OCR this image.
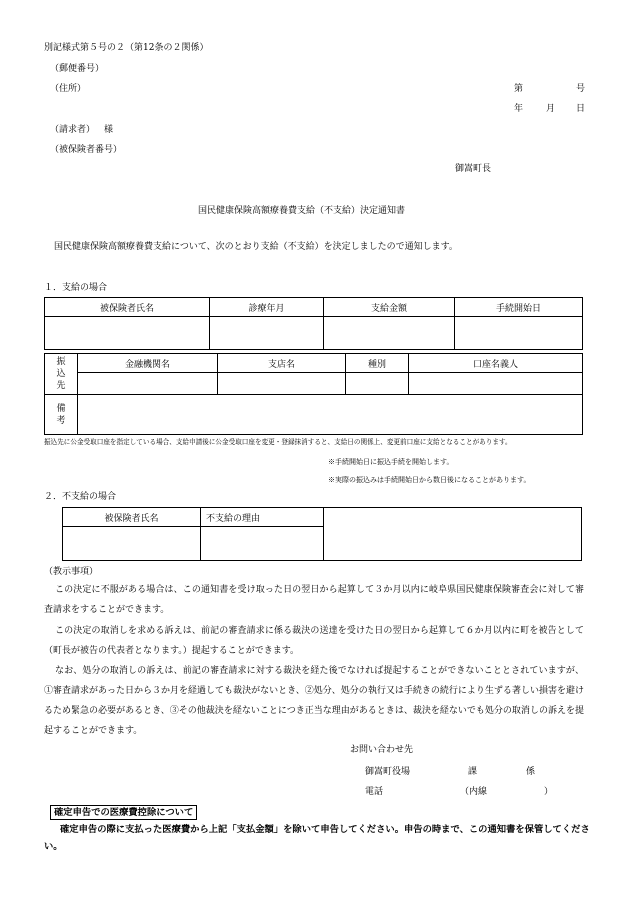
別記様式第５号の２（第12条の２関係）
（郵便番号）
（住所）	第	号
年	月 日
（請求者） 様
（被保険者番号）
御嵩町長
国民健康保険高額療養費支給（不支給）決定通知書
国民健康保険高額療養費支給について、次のとおり支給（不支給）を決定しましたので通知します。
１．支給の場合
被保険者氏名	診療年月	支給金額	手続開始日

振
込
先	金融機関名	支店名	種別	口座名義人

備
考				

振込先に公金受取口座を指定している場合、支給申請後に公金受取口座を変更・登録抹消すると、支給日の関係上、変更前口座に支給となることがあります。
※手続開始日に振込手続を開始します。
※実際の振込みは手続開始日から数日後になることがあります。
２．不支給の場合
被保険者氏名	不支給の理由	

（教示事項）
この決定に不服がある場合は、この通知書を受け取った日の翌日から起算して３か月以内に岐阜県国民健康保険審査会に対して審査請求をすることができます。
この決定の取消しを求める訴えは、前記の審査請求に係る裁決の送達を受けた日の翌日から起算して６か月以内に町を被告として（町長が被告の代表者となります。）提起することができます。
なお、処分の取消しの訴えは、前記の審査請求に対する裁決を経た後でなければ提起することができないこととされていますが、①審査請求があった日から３か月を経過しても裁決がないとき、②処分、処分の執行又は手続きの続行により生ずる著しい損害を避けるため緊急の必要があるとき、③その他裁決を経ないことにつき正当な理由があるときは、裁決を経ないでも処分の取消しの訴えを提起することができます。
お問い合わせ先
御嵩町役場	課	係
電話	（内線	）
確定申告での医療費控除について
確定申告の際に支払った医療費から上記「支払金額」を除いて申告してください。申告の時まで、この通知書を保管してください。
